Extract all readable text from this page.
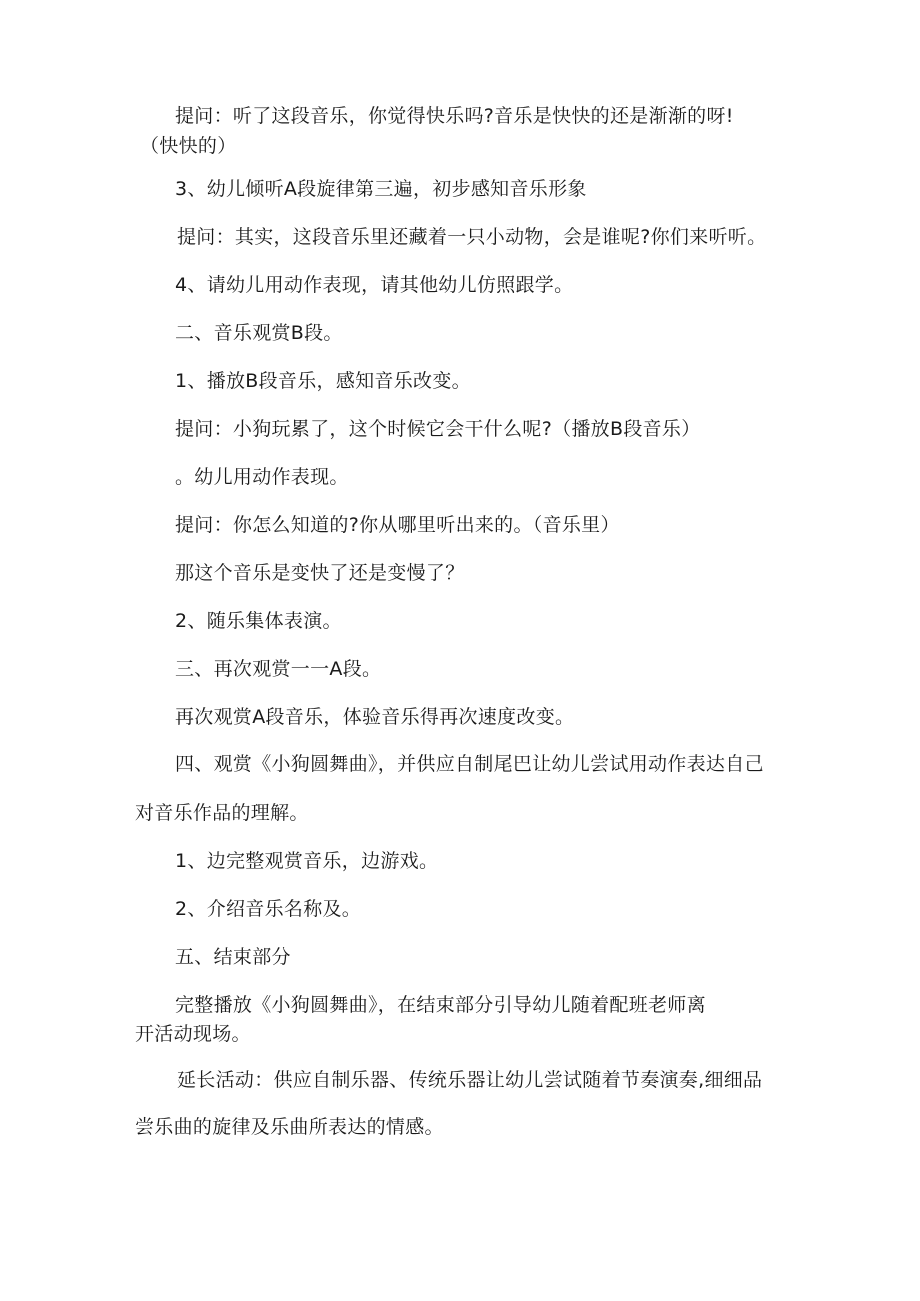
提问：听了这段音乐，你觉得快乐吗?音乐是快快的还是渐渐的呀!
（快快的）
3、幼儿倾听A段旋律第三遍，初步感知音乐形象
提问：其实，这段音乐里还藏着一只小动物，会是谁呢?你们来听听。
4、请幼儿用动作表现，请其他幼儿仿照跟学。
二、音乐观赏B段。
1、播放B段音乐，感知音乐改变。
提问：小狗玩累了，这个时候它会干什么呢?（播放B段音乐）
。幼儿用动作表现。
提问：你怎么知道的?你从哪里听出来的。（音乐里）
那这个音乐是变快了还是变慢了？
2、随乐集体表演。
三、再次观赏一一A段。
再次观赏A段音乐，体验音乐得再次速度改变。
四、观赏《小狗圆舞曲》，并供应自制尾巴让幼儿尝试用动作表达自己
对音乐作品的理解。
1、边完整观赏音乐，边游戏。
2、介绍音乐名称及。
五、结束部分
完整播放《小狗圆舞曲》，在结束部分引导幼儿随着配班老师离
开活动现场。
延长活动：供应自制乐器、传统乐器让幼儿尝试随着节奏演奏,细细品
尝乐曲的旋律及乐曲所表达的情感。
